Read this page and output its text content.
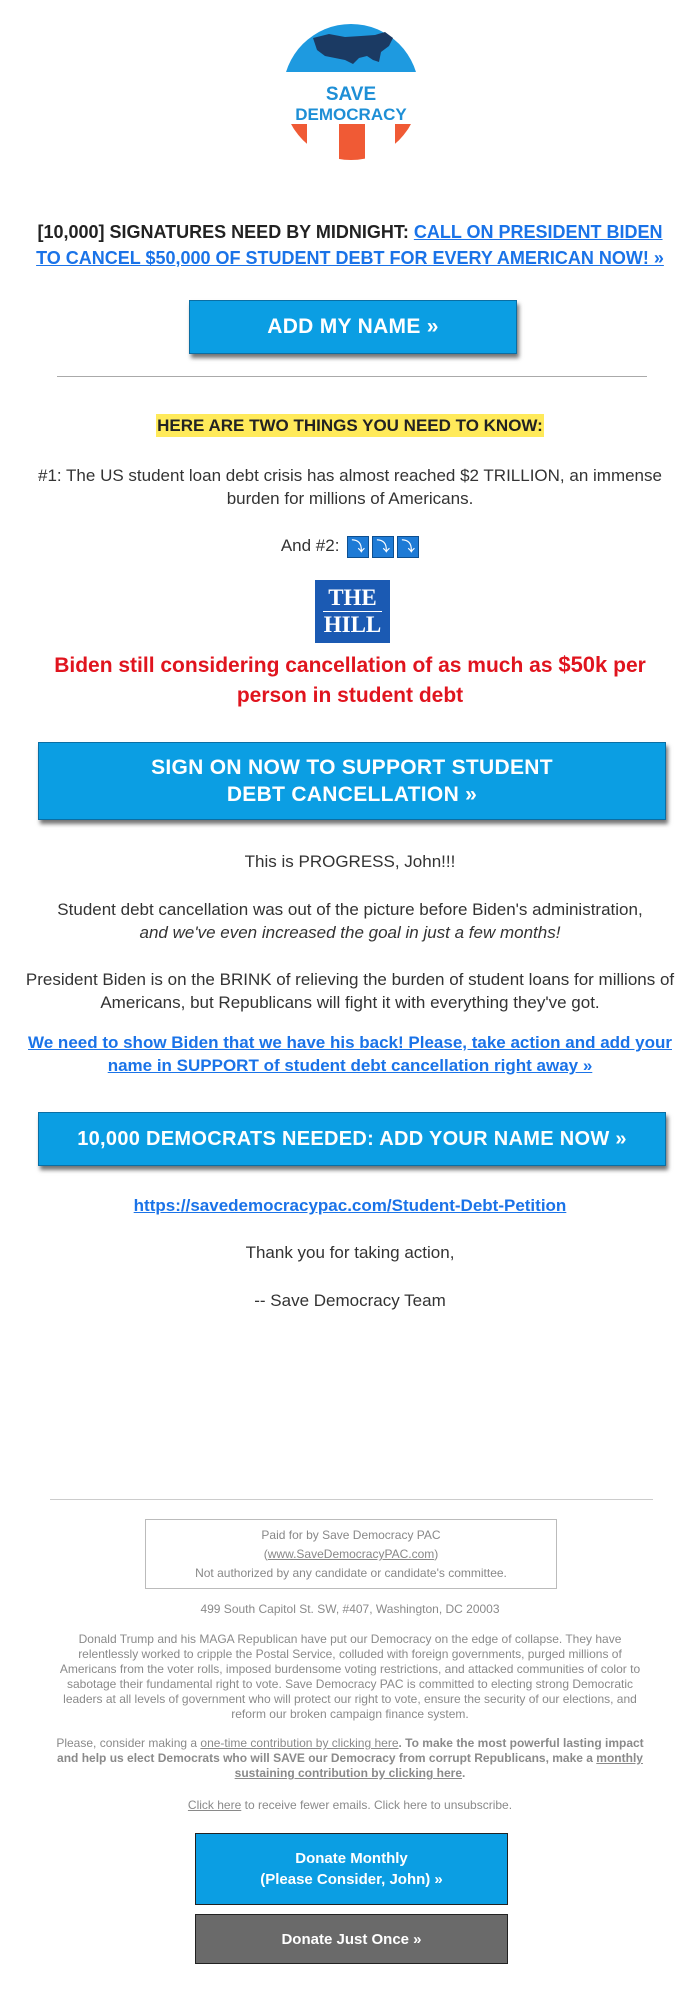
SAVE
DEMOCRACY
[10,000] SIGNATURES NEED BY MIDNIGHT: CALL ON PRESIDENT BIDEN TO CANCEL $50,000 OF STUDENT DEBT FOR EVERY AMERICAN NOW! »
ADD MY NAME »
HERE ARE TWO THINGS YOU NEED TO KNOW:
#1: The US student loan debt crisis has almost reached $2 TRILLION, an immense burden for millions of Americans.
And #2: ⤵ ⤵ ⤵
THE
HILL
Biden still considering cancellation of as much as $50k per person in student debt
SIGN ON NOW TO SUPPORT STUDENT DEBT CANCELLATION »
This is PROGRESS, John!!!
Student debt cancellation was out of the picture before Biden's administration,
and we've even increased the goal in just a few months!
President Biden is on the BRINK of relieving the burden of student loans for millions of Americans, but Republicans will fight it with everything they've got.
We need to show Biden that we have his back! Please, take action and add your name in SUPPORT of student debt cancellation right away »
10,000 DEMOCRATS NEEDED: ADD YOUR NAME NOW »
https://savedemocracypac.com/Student-Debt-Petition
Thank you for taking action,
-- Save Democracy Team
Paid for by Save Democracy PAC
(www.SaveDemocracyPAC.com)
Not authorized by any candidate or candidate's committee.
499 South Capitol St. SW, #407, Washington, DC 20003
Donald Trump and his MAGA Republican have put our Democracy on the edge of collapse. They have relentlessly worked to cripple the Postal Service, colluded with foreign governments, purged millions of Americans from the voter rolls, imposed burdensome voting restrictions, and attacked communities of color to sabotage their fundamental right to vote. Save Democracy PAC is committed to electing strong Democratic leaders at all levels of government who will protect our right to vote, ensure the security of our elections, and reform our broken campaign finance system.
Please, consider making a one-time contribution by clicking here. To make the most powerful lasting impact and help us elect Democrats who will SAVE our Democracy from corrupt Republicans, make a monthly sustaining contribution by clicking here.
Click here to receive fewer emails. Click here to unsubscribe.
Donate Monthly
(Please Consider, John) »
Donate Just Once »
